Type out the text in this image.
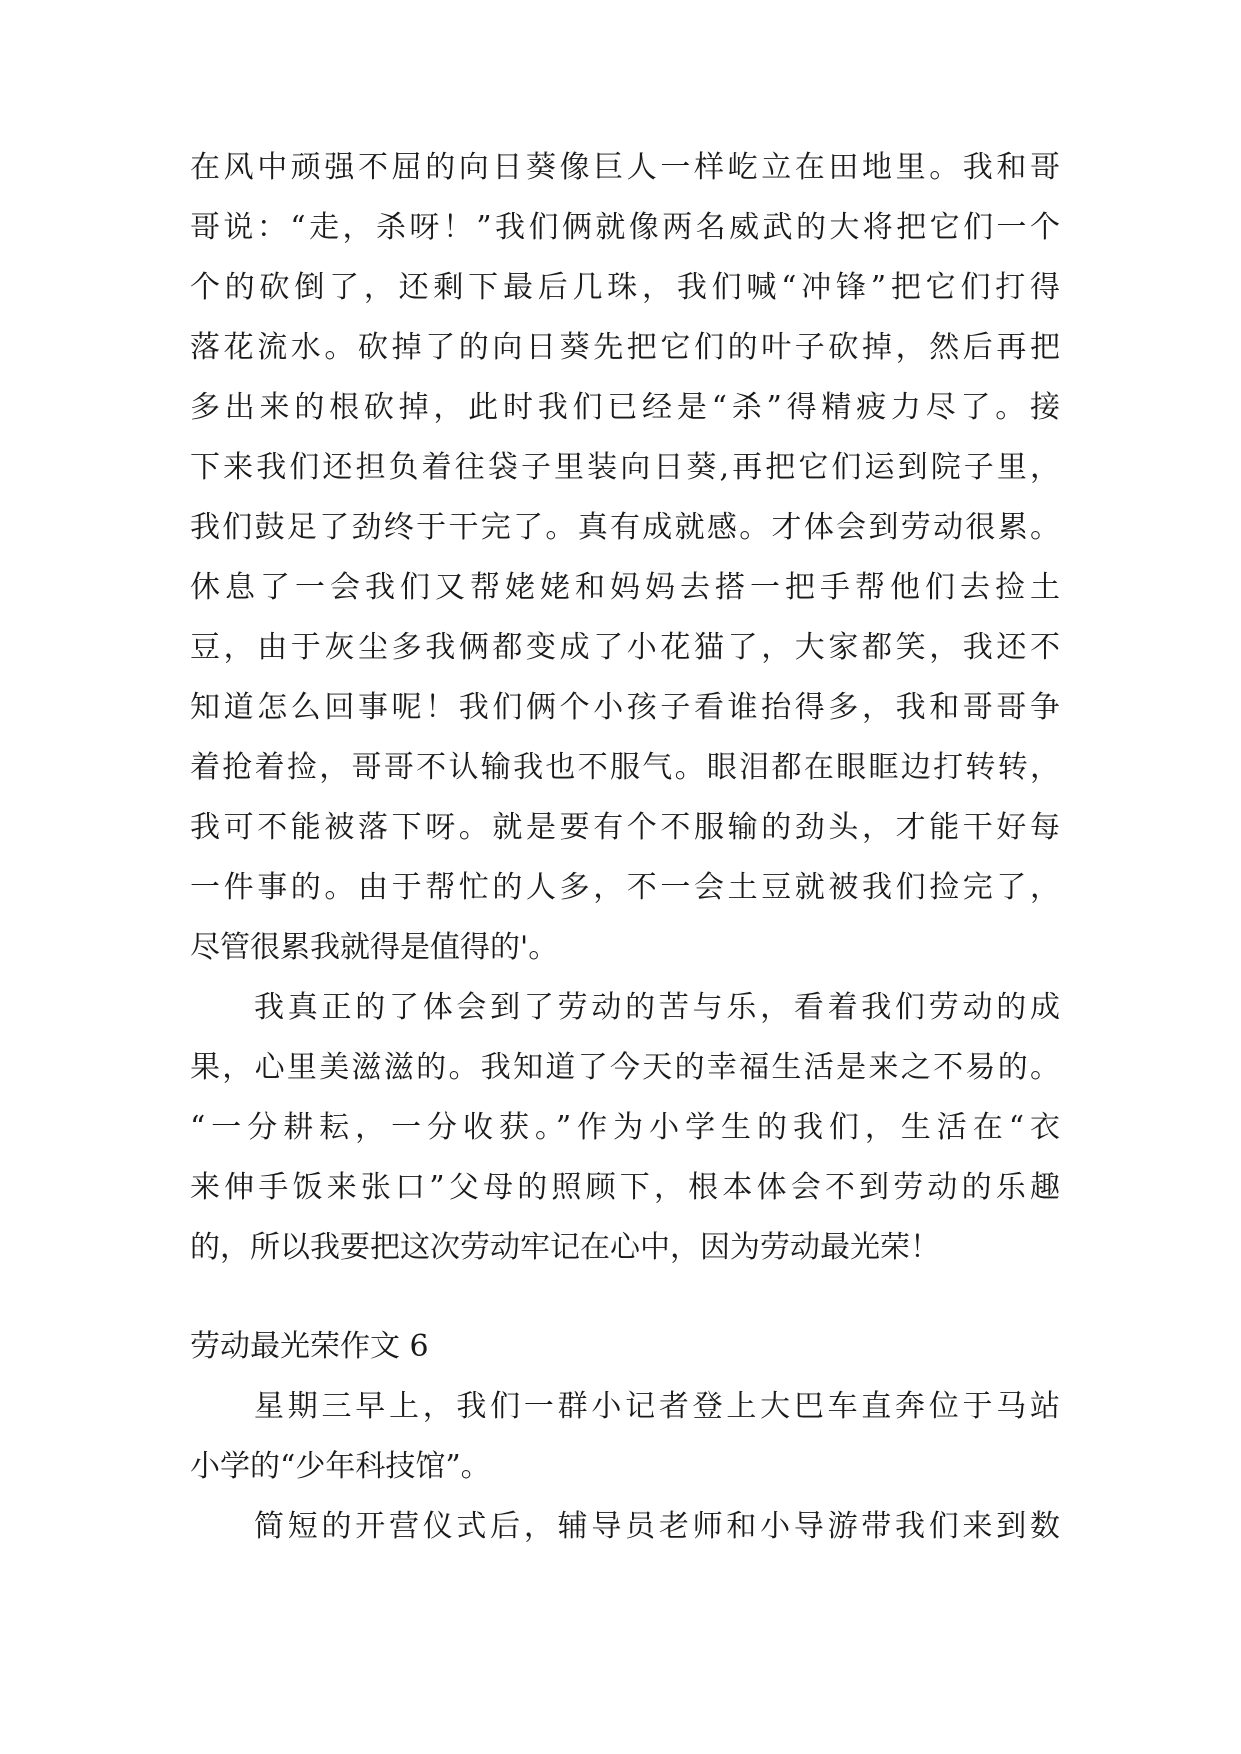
在风中顽强不屈的向日葵像巨人一样屹立在田地里。我和哥
哥说：“走，杀呀！”我们俩就像两名威武的大将把它们一个
个的砍倒了，还剩下最后几珠，我们喊“冲锋”把它们打得
落花流水。砍掉了的向日葵先把它们的叶子砍掉，然后再把
多出来的根砍掉，此时我们已经是“杀”得精疲力尽了。接
下来我们还担负着往袋子里装向日葵,再把它们运到院子里，
我们鼓足了劲终于干完了。真有成就感。才体会到劳动很累。
休息了一会我们又帮姥姥和妈妈去搭一把手帮他们去捡土
豆，由于灰尘多我俩都变成了小花猫了，大家都笑，我还不
知道怎么回事呢！我们俩个小孩子看谁抬得多，我和哥哥争
着抢着捡，哥哥不认输我也不服气。眼泪都在眼眶边打转转，
我可不能被落下呀。就是要有个不服输的劲头，才能干好每
一件事的。由于帮忙的人多，不一会土豆就被我们捡完了，
尽管很累我就得是值得的'。
我真正的了体会到了劳动的苦与乐，看着我们劳动的成
果，心里美滋滋的。我知道了今天的幸福生活是来之不易的。
“一分耕耘，一分收获。”作为小学生的我们，生活在“衣
来伸手饭来张口”父母的照顾下，根本体会不到劳动的乐趣
的，所以我要把这次劳动牢记在心中，因为劳动最光荣！
劳动最光荣作文 6
星期三早上，我们一群小记者登上大巴车直奔位于马站
小学的“少年科技馆”。
简短的开营仪式后，辅导员老师和小导游带我们来到数
